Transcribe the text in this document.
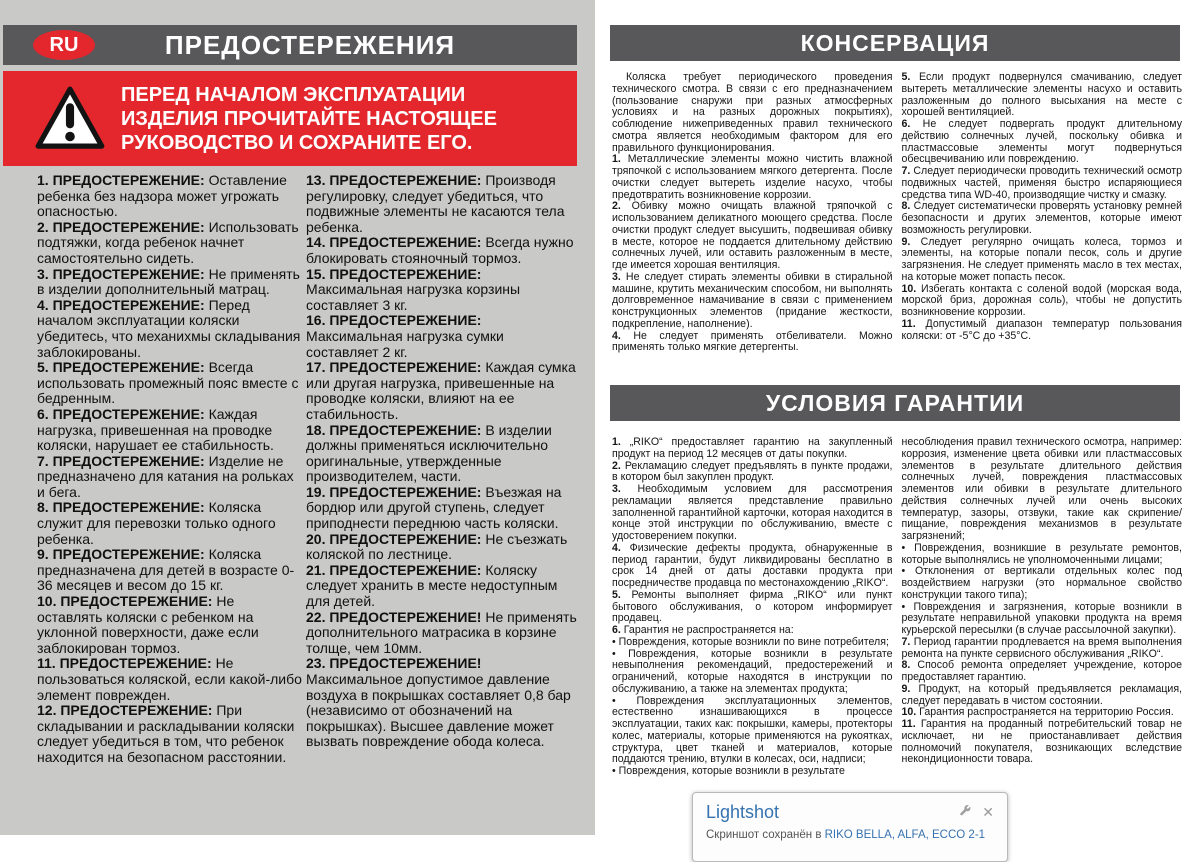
RU	ПРЕДОСТЕРЕЖЕНИЯ
ПЕРЕД НАЧАЛОМ ЭКСПЛУАТАЦИИ ИЗДЕЛИЯ ПРОЧИТАЙТЕ НАСТОЯЩЕЕ РУКОВОДСТВО И СОХРАНИТЕ ЕГО.

1. ПРЕДОСТЕРЕЖЕНИЕ: Оставление ребенка без надзора может угрожать опасностью.

2. ПРЕДОСТЕРЕЖЕНИЕ: Использовать подтяжки, когда ребенок начнет самостоятельно сидеть.

3. ПРЕДОСТЕРЕЖЕНИЕ: Не применять в изделии дополнительный матрац.

4. ПРЕДОСТЕРЕЖЕНИЕ: Перед началом эксплуатации коляски убедитесь, что механихмы складывания заблокированы.

5. ПРЕДОСТЕРЕЖЕНИЕ: Всегда использовать промежный пояс вместе с бедренным.

6. ПРЕДОСТЕРЕЖЕНИЕ: Каждая нагрузка, привешенная на проводке коляски, нарушает ее стабильность.

7. ПРЕДОСТЕРЕЖЕНИЕ: Изделие не предназначено для катания на рольках и бега.

8. ПРЕДОСТЕРЕЖЕНИЕ: Коляска служит для перевозки только одного ребенка.

9. ПРЕДОСТЕРЕЖЕНИЕ: Коляска предназначена для детей в возрасте 0-36 месяцев и весом до 15 кг.

10. ПРЕДОСТЕРЕЖЕНИЕ: Не оставлять коляски с ребенком на уклонной поверхности, даже если заблокирован тормоз.

11. ПРЕДОСТЕРЕЖЕНИЕ: Не пользоваться коляской, если какой-либо элемент поврежден.

12. ПРЕДОСТЕРЕЖЕНИЕ: При складывании и раскладывании коляски следует убедиться в том, что ребенок находится на безопасном расстоянии.

13. ПРЕДОСТЕРЕЖЕНИЕ: Производя регулировку, следует убедиться, что подвижные элементы не касаются тела ребенка.

14. ПРЕДОСТЕРЕЖЕНИЕ: Всегда нужно блокировать стояночный тормоз.

15. ПРЕДОСТЕРЕЖЕНИЕ: Максимальная нагрузка корзины составляет 3 кг.

16. ПРЕДОСТЕРЕЖЕНИЕ: Максимальная нагрузка сумки составляет 2 кг.

17. ПРЕДОСТЕРЕЖЕНИЕ: Каждая сумка или другая нагрузка, привешенные на проводке коляски, влияют на ее стабильность.

18. ПРЕДОСТЕРЕЖЕНИЕ: В изделии должны применяться исключительно оригинальные, утвержденные производителем, части.

19. ПРЕДОСТЕРЕЖЕНИЕ: Въезжая на бордюр или другой ступень, следует приподнести переднюю часть коляски.

20. ПРЕДОСТЕРЕЖЕНИЕ: Не съезжать коляской по лестнице.

21. ПРЕДОСТЕРЕЖЕНИЕ: Коляску следует хранить в месте недоступным для детей.

22. ПРЕДОСТЕРЕЖЕНИЕ! Не применять дополнительного матрасика в корзине толще, чем 10мм.

23. ПРЕДОСТЕРЕЖЕНИЕ! Максимальное допустимое давление воздуха в покрышках составляет 0,8 бар (независимо от обозначений на покрышках). Высшее давление может вызвать повреждение обода колеса.

КОНСЕРВАЦИЯ

Коляска требует периодического проведения технического смотра. В связи с его предназначением (пользование снаружи при разных атмосферных условиях и на разных дорожных покрытиях), соблюдение нижеприведенных правил технического смотра является необходимым фактором для его правильного функционирования.

1. Металлические элементы можно чистить влажной тряпочкой с использованием мягкого детергента. После очистки следует вытереть изделие насухо, чтобы предотвратить возникновение коррозии.

2. Обивку можно очищать влажной тряпочкой с использованием деликатного моющего средства. После очистки продукт следует высушить, подвешивая обивку в месте, которое не поддается длительному действию солнечных лучей, или оставить разложенным в месте, где имеется хорошая вентиляция.

3. Не следует стирать элементы обивки в стиральной машине, крутить механическим способом, ни выполнять долговременное намачивание в связи с применением конструкционных элементов (придание жесткости, подкрепление, наполнение).

4. Не следует применять отбеливатели. Можно применять только мягкие детергенты.

5. Если продукт подвернулся смачиванию, следует вытереть металлические элементы насухо и оставить разложенным до полного высыхания на месте с хорошей вентиляцией.

6. Не следует подвергать продукт длительному действию солнечных лучей, поскольку обивка и пластмассовые элементы могут подвернуться обесцвечиванию или повреждению.

7. Следует периодически проводить технический осмотр подвижных частей, применяя быстро испаряющиеся средства типа WD-40, производящие чистку и смазку.

8. Следует систематически проверять установку ремней безопасности и других элементов, которые имеют возможность регулировки.

9. Следует регулярно очищать колеса, тормоз и элементы, на которые попали песок, соль и другие загрязнения. Не следует применять масло в тех местах, на которые может попасть песок.

10. Избегать контакта с соленой водой (морская вода, морской бриз, дорожная соль), чтобы не допустить возникновение коррозии.

11. Допустимый диапазон температур пользования коляски: от -5°C до +35°C.

УСЛОВИЯ ГАРАНТИИ

1. „RIKO“ предоставляет гарантию на закупленный продукт на период 12 месяцев от даты покупки.

2. Рекламацию следует предъявлять в пункте продажи, в котором был закуплен продукт.

3. Необходимым условием для рассмотрения рекламации является представление правильно заполненной гарантийной карточки, которая находится в конце этой инструкции по обслуживанию, вместе с удостоверением покупки.

4. Физические дефекты продукта, обнаруженные в период гарантии, будут ликвидированы бесплатно в срок 14 дней от даты доставки продукта при посредничестве продавца по местонахождению „RIKO“.

5. Ремонты выполняет фирма „RIKO“ или пункт бытового обслуживания, о котором информирует продавец.

6. Гарантия не распространяется на:

• Повреждения, которые возникли по вине потребителя;

• Повреждения, которые возникли в результате невыполнения рекомендаций, предостережений и ограничений, которые находятся в инструкции по обслуживанию, а также на элементах продукта;

• Повреждения эксплуатационных элементов, естественно изнашивающихся в процессе эксплуатации, таких как: покрышки, камеры, протекторы колес, материалы, которые применяются на рукоятках, структура, цвет тканей и материалов, которые поддаются трению, втулки в колесах, оси, надписи;

• Повреждения, которые возникли в результате

несоблюдения правил технического осмотра, например: коррозия, изменение цвета обивки или пластмассовых элементов в результате длительного действия солнечных лучей, повреждения пластмассовых элементов или обивки в результате длительного действия солнечных лучей или очень высоких температур, зазоры, отзвуки, такие как скрипение/ пищание, повреждения механизмов в результате загрязнений;

• Повреждения, возникшие в результате ремонтов, которые выполнялись не уполномоченными лицами;

• Отклонения от вертикали отдельных колес под воздействием нагрузки (это нормальное свойство конструкции такого типа);

• Повреждения и загрязнения, которые возникли в результате неправильной упаковки продукта на время курьерской пересылки (в случае рассылочной закупки).

7. Период гарантии продлевается на время выполнения ремонта на пункте сервисного обслуживания „RIKO“.

8. Способ ремонта определяет учреждение, которое предоставляет гарантию.

9. Продукт, на который предъявляется рекламация, следует передавать в чистом состоянии.

10. Гарантия распространяется на территорию Россия.

11. Гарантия на проданный потребительский товар не исключает, ни не приостанавливает действия полномочий покупателя, возникающих вследствие некондиционности товара.

Lightshot	✕
Скриншот сохранён в RIKO BELLA, ALFA, ECCO 2-1
